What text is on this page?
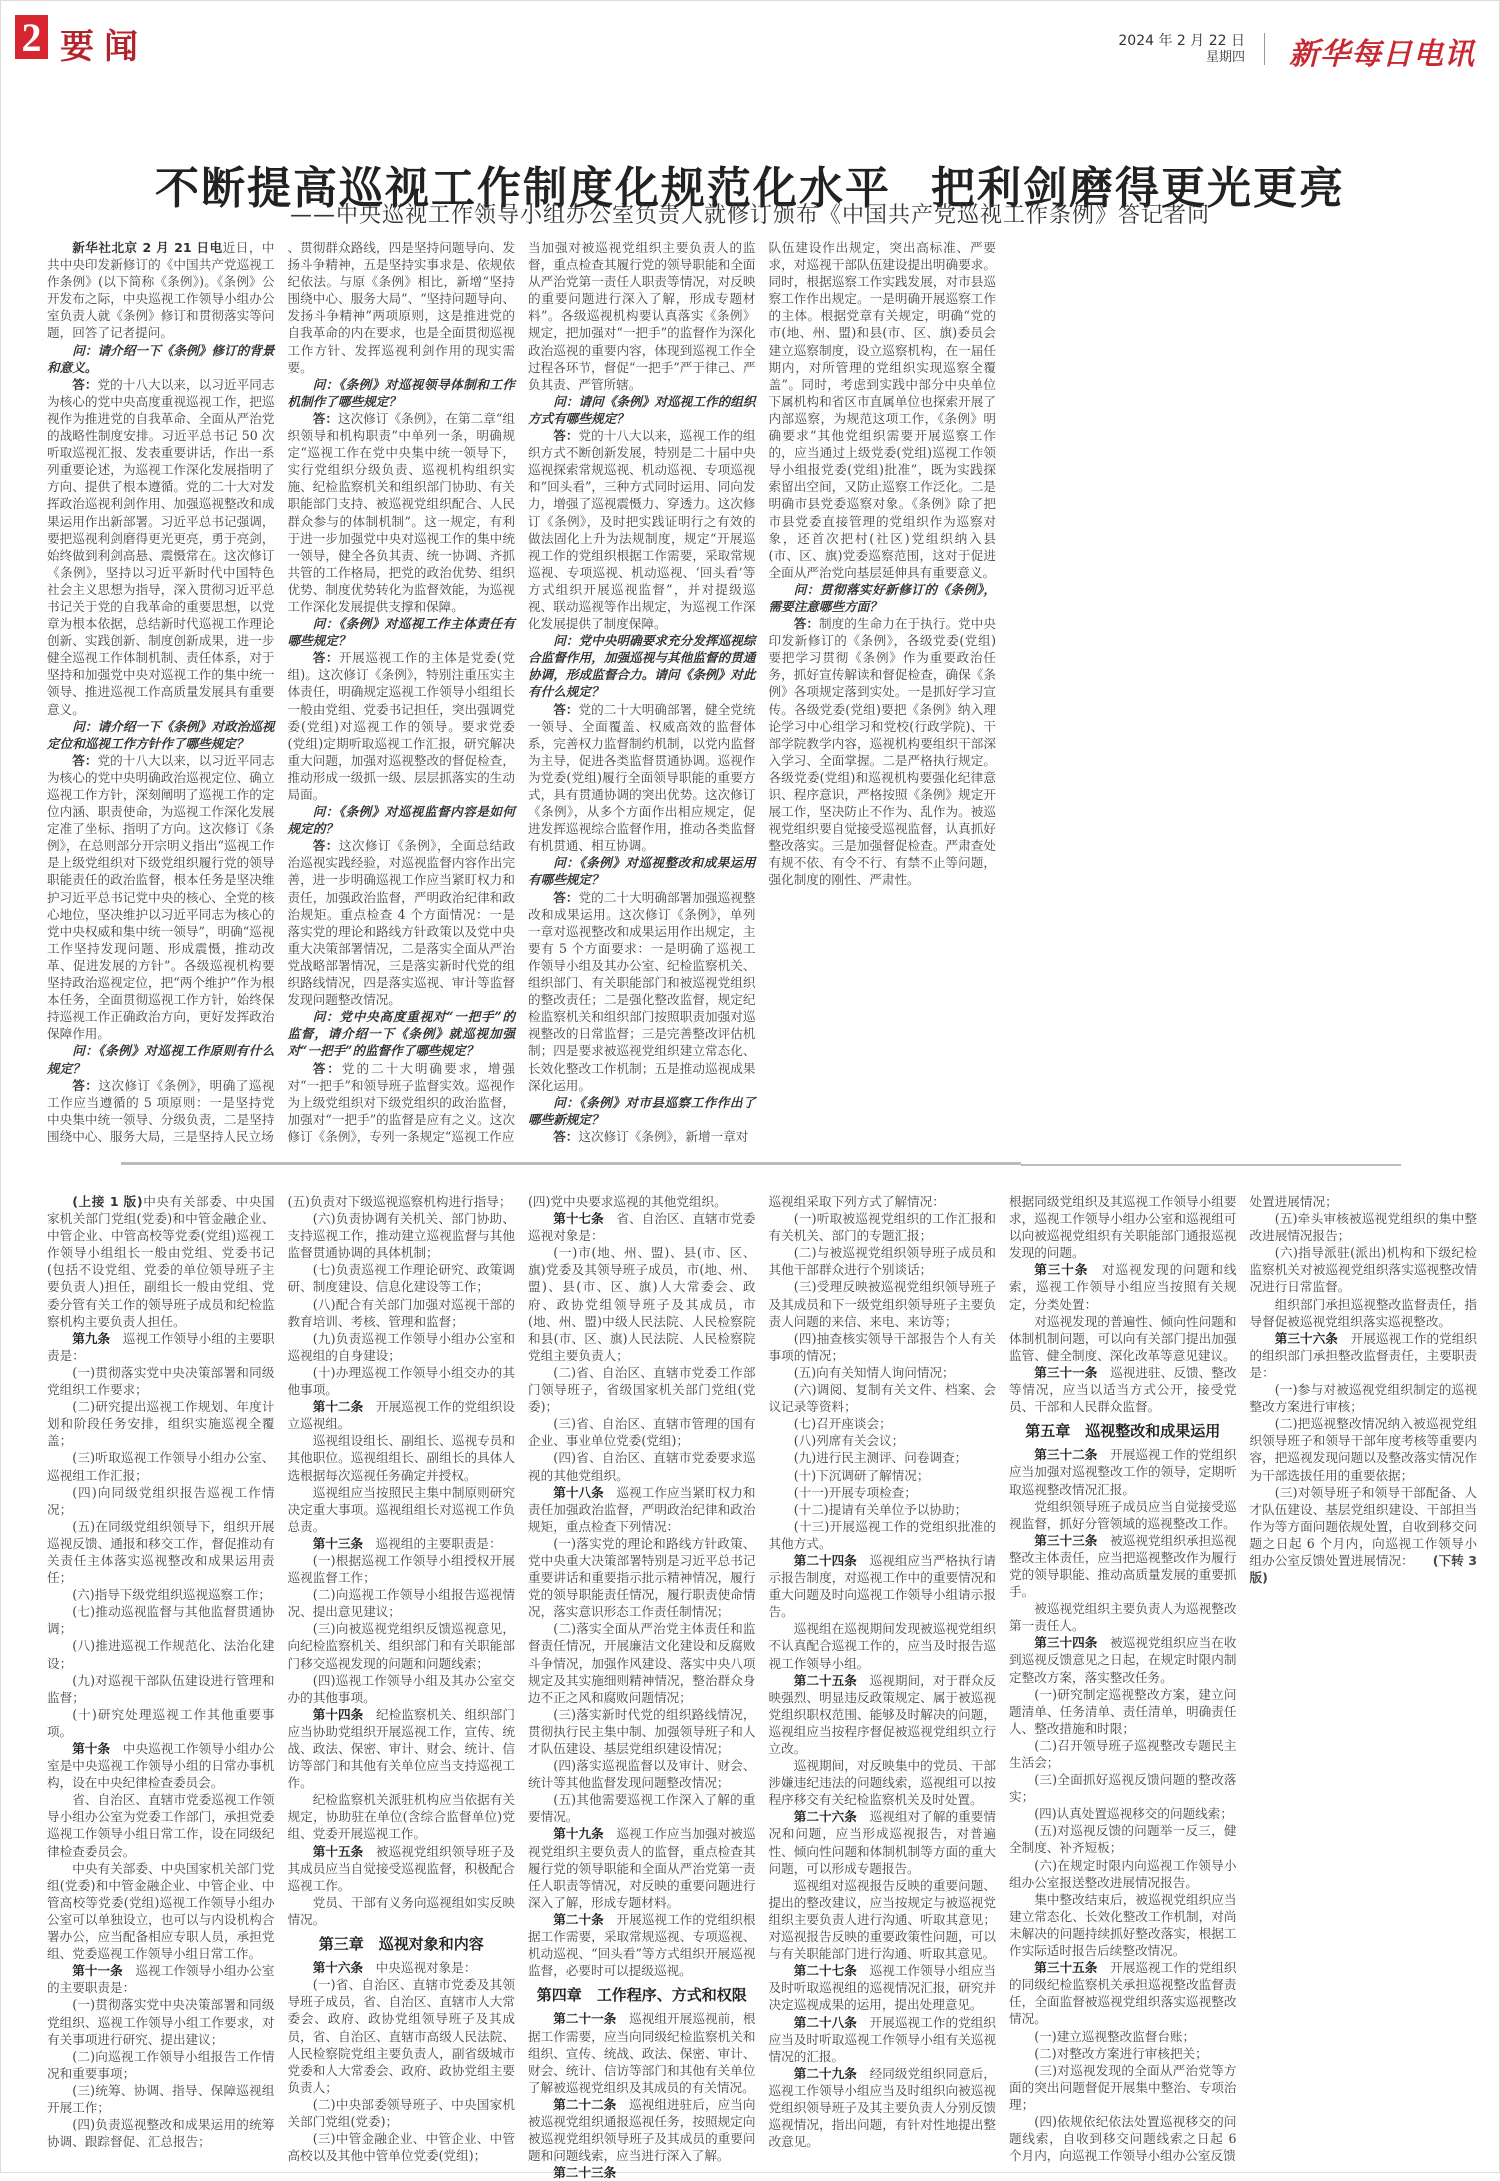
2 要闻	2024 年 2 月 22 日
星期四 新华每日电讯
不断提高巡视工作制度化规范化水平 把利剑磨得更光更亮
——中央巡视工作领导小组办公室负责人就修订颁布《中国共产党巡视工作条例》答记者问

新华社北京 2 月 21 日电近日，中共中央印发新修订的《中国共产党巡视工作条例》(以下简称《条例》)。《条例》公开发布之际，中央巡视工作领导小组办公室负责人就《条例》修订和贯彻落实等问题，回答了记者提问。

问：请介绍一下《条例》修订的背景和意义。

答：党的十八大以来，以习近平同志为核心的党中央高度重视巡视工作，把巡视作为推进党的自我革命、全面从严治党的战略性制度安排。习近平总书记 50 次听取巡视汇报、发表重要讲话，作出一系列重要论述，为巡视工作深化发展指明了方向、提供了根本遵循。党的二十大对发挥政治巡视利剑作用、加强巡视整改和成果运用作出新部署。习近平总书记强调，要把巡视利剑磨得更光更亮，勇于亮剑，始终做到利剑高悬、震慑常在。这次修订《条例》，坚持以习近平新时代中国特色社会主义思想为指导，深入贯彻习近平总书记关于党的自我革命的重要思想，以党章为根本依据，总结新时代巡视工作理论创新、实践创新、制度创新成果，进一步健全巡视工作体制机制、责任体系，对于坚持和加强党中央对巡视工作的集中统一领导、推进巡视工作高质量发展具有重要意义。

问：请介绍一下《条例》对政治巡视定位和巡视工作方针作了哪些规定？

答：党的十八大以来，以习近平同志为核心的党中央明确政治巡视定位、确立巡视工作方针，深刻阐明了巡视工作的定位内涵、职责使命，为巡视工作深化发展定准了坐标、指明了方向。这次修订《条例》，在总则部分开宗明义指出“巡视工作是上级党组织对下级党组织履行党的领导职能责任的政治监督，根本任务是坚决维护习近平总书记党中央的核心、全党的核心地位，坚决维护以习近平同志为核心的党中央权威和集中统一领导”，明确“巡视工作坚持发现问题、形成震慑，推动改革、促进发展的方针”。各级巡视机构要坚持政治巡视定位，把“两个维护”作为根本任务，全面贯彻巡视工作方针，始终保持巡视工作正确政治方向，更好发挥政治保障作用。

问：《条例》对巡视工作原则有什么规定？

答：这次修订《条例》，明确了巡视工作应当遵循的 5 项原则：一是坚持党中央集中统一领导、分级负责，二是坚持围绕中心、服务大局，三是坚持人民立场

、贯彻群众路线，四是坚持问题导向、发扬斗争精神，五是坚持实事求是、依规依纪依法。与原《条例》相比，新增“坚持围绕中心、服务大局”、“坚持问题导向、发扬斗争精神”两项原则，这是推进党的自我革命的内在要求，也是全面贯彻巡视工作方针、发挥巡视利剑作用的现实需要。

问：《条例》对巡视领导体制和工作机制作了哪些规定？

答：这次修订《条例》，在第二章“组织领导和机构职责”中单列一条，明确规定“巡视工作在党中央集中统一领导下，实行党组织分级负责、巡视机构组织实施、纪检监察机关和组织部门协助、有关职能部门支持、被巡视党组织配合、人民群众参与的体制机制”。这一规定，有利于进一步加强党中央对巡视工作的集中统一领导，健全各负其责、统一协调、齐抓共管的工作格局，把党的政治优势、组织优势、制度优势转化为监督效能，为巡视工作深化发展提供支撑和保障。

问：《条例》对巡视工作主体责任有哪些规定？

答：开展巡视工作的主体是党委(党组)。这次修订《条例》，特别注重压实主体责任，明确规定巡视工作领导小组组长一般由党组、党委书记担任，突出强调党委(党组)对巡视工作的领导。要求党委(党组)定期听取巡视工作汇报，研究解决重大问题，加强对巡视整改的督促检查，推动形成一级抓一级、层层抓落实的生动局面。

问：《条例》对巡视监督内容是如何规定的？

答：这次修订《条例》，全面总结政治巡视实践经验，对巡视监督内容作出完善，进一步明确巡视工作应当紧盯权力和责任，加强政治监督，严明政治纪律和政治规矩。重点检查 4 个方面情况：一是落实党的理论和路线方针政策以及党中央重大决策部署情况，二是落实全面从严治党战略部署情况，三是落实新时代党的组织路线情况，四是落实巡视、审计等监督发现问题整改情况。

问：党中央高度重视对“一把手”的监督，请介绍一下《条例》就巡视加强对“一把手”的监督作了哪些规定？

答：党的二十大明确要求，增强对“一把手”和领导班子监督实效。巡视作为上级党组织对下级党组织的政治监督，加强对“一把手”的监督是应有之义。这次修订《条例》，专列一条规定“巡视工作应

当加强对被巡视党组织主要负责人的监督，重点检查其履行党的领导职能和全面从严治党第一责任人职责等情况，对反映的重要问题进行深入了解，形成专题材料”。各级巡视机构要认真落实《条例》规定，把加强对“一把手”的监督作为深化政治巡视的重要内容，体现到巡视工作全过程各环节，督促“一把手”严于律己、严负其责、严管所辖。

问：请问《条例》对巡视工作的组织方式有哪些规定？

答：党的十八大以来，巡视工作的组织方式不断创新发展，特别是二十届中央巡视探索常规巡视、机动巡视、专项巡视和“回头看”，三种方式同时运用、同向发力，增强了巡视震慑力、穿透力。这次修订《条例》，及时把实践证明行之有效的做法固化上升为法规制度，规定“开展巡视工作的党组织根据工作需要，采取常规巡视、专项巡视、机动巡视、‘回头看’等方式组织开展巡视监督”，并对提级巡视、联动巡视等作出规定，为巡视工作深化发展提供了制度保障。

问：党中央明确要求充分发挥巡视综合监督作用，加强巡视与其他监督的贯通协调，形成监督合力。请问《条例》对此有什么规定？

答：党的二十大明确部署，健全党统一领导、全面覆盖、权威高效的监督体系，完善权力监督制约机制，以党内监督为主导，促进各类监督贯通协调。巡视作为党委(党组)履行全面领导职能的重要方式，具有贯通协调的突出优势。这次修订《条例》，从多个方面作出相应规定，促进发挥巡视综合监督作用，推动各类监督有机贯通、相互协调。

问：《条例》对巡视整改和成果运用有哪些规定？

答：党的二十大明确部署加强巡视整改和成果运用。这次修订《条例》，单列一章对巡视整改和成果运用作出规定，主要有 5 个方面要求：一是明确了巡视工作领导小组及其办公室、纪检监察机关、组织部门、有关职能部门和被巡视党组织的整改责任；二是强化整改监督，规定纪检监察机关和组织部门按照职责加强对巡视整改的日常监督；三是完善整改评估机制；四是要求被巡视党组织建立常态化、长效化整改工作机制；五是推动巡视成果深化运用。

问：《条例》对市县巡察工作作出了哪些新规定？

答：这次修订《条例》，新增一章对

队伍建设作出规定，突出高标准、严要求，对巡视干部队伍建设提出明确要求。同时，根据巡察工作实践发展，对市县巡察工作作出规定。一是明确开展巡察工作的主体。根据党章有关规定，明确“党的市(地、州、盟)和县(市、区、旗)委员会建立巡察制度，设立巡察机构，在一届任期内，对所管理的党组织实现巡察全覆盖”。同时，考虑到实践中部分中央单位下属机构和省区市直属单位也探索开展了内部巡察，为规范这项工作，《条例》明确要求“其他党组织需要开展巡察工作的，应当通过上级党委(党组)巡视工作领导小组报党委(党组)批准”，既为实践探索留出空间，又防止巡察工作泛化。二是明确市县党委巡察对象。《条例》除了把市县党委直接管理的党组织作为巡察对象，还首次把村(社区)党组织纳入县(市、区、旗)党委巡察范围，这对于促进全面从严治党向基层延伸具有重要意义。

问：贯彻落实好新修订的《条例》，需要注意哪些方面？

答：制度的生命力在于执行。党中央印发新修订的《条例》，各级党委(党组)要把学习贯彻《条例》作为重要政治任务，抓好宣传解读和督促检查，确保《条例》各项规定落到实处。一是抓好学习宣传。各级党委(党组)要把《条例》纳入理论学习中心组学习和党校(行政学院)、干部学院教学内容，巡视机构要组织干部深入学习、全面掌握。二是严格执行规定。各级党委(党组)和巡视机构要强化纪律意识、程序意识，严格按照《条例》规定开展工作，坚决防止不作为、乱作为。被巡视党组织要自觉接受巡视监督，认真抓好整改落实。三是加强督促检查。严肃查处有规不依、有令不行、有禁不止等问题，强化制度的刚性、严肃性。

(上接 1 版)中央有关部委、中央国家机关部门党组(党委)和中管金融企业、中管企业、中管高校等党委(党组)巡视工作领导小组组长一般由党组、党委书记(包括不设党组、党委的单位领导班子主要负责人)担任，副组长一般由党组、党委分管有关工作的领导班子成员和纪检监察机构主要负责人担任。

第九条　 巡视工作领导小组的主要职责是：

(一)贯彻落实党中央决策部署和同级党组织工作要求；

(二)研究提出巡视工作规划、年度计划和阶段任务安排，组织实施巡视全覆盖；

(三)听取巡视工作领导小组办公室、巡视组工作汇报；

(四)向同级党组织报告巡视工作情况；

(五)在同级党组织领导下，组织开展巡视反馈、通报和移交工作，督促推动有关责任主体落实巡视整改和成果运用责任；

(六)指导下级党组织巡视巡察工作；

(七)推动巡视监督与其他监督贯通协调；

(八)推进巡视工作规范化、法治化建设；

(九)对巡视干部队伍建设进行管理和监督；

(十)研究处理巡视工作其他重要事项。

第十条　 中央巡视工作领导小组办公室是中央巡视工作领导小组的日常办事机构，设在中央纪律检查委员会。

省、自治区、直辖市党委巡视工作领导小组办公室为党委工作部门，承担党委巡视工作领导小组日常工作，设在同级纪律检查委员会。

中央有关部委、中央国家机关部门党组(党委)和中管金融企业、中管企业、中管高校等党委(党组)巡视工作领导小组办公室可以单独设立，也可以与内设机构合署办公，应当配备相应专职人员，承担党组、党委巡视工作领导小组日常工作。

第十一条　 巡视工作领导小组办公室的主要职责是：

(一)贯彻落实党中央决策部署和同级党组织、巡视工作领导小组工作要求，对有关事项进行研究、提出建议；

(二)向巡视工作领导小组报告工作情况和重要事项；

(三)统筹、协调、指导、保障巡视组开展工作；

(四)负责巡视整改和成果运用的统筹协调、跟踪督促、汇总报告；

(五)负责对下级巡视巡察机构进行指导；

(六)负责协调有关机关、部门协助、支持巡视工作，推动建立巡视监督与其他监督贯通协调的具体机制；

(七)负责巡视工作理论研究、政策调研、制度建设、信息化建设等工作；

(八)配合有关部门加强对巡视干部的教育培训、考核、管理和监督；

(九)负责巡视工作领导小组办公室和巡视组的自身建设；

(十)办理巡视工作领导小组交办的其他事项。

第十二条　 开展巡视工作的党组织设立巡视组。

巡视组设组长、副组长、巡视专员和其他职位。巡视组组长、副组长的具体人选根据每次巡视任务确定并授权。

巡视组应当按照民主集中制原则研究决定重大事项。巡视组组长对巡视工作负总责。

第十三条　 巡视组的主要职责是：

(一)根据巡视工作领导小组授权开展巡视监督工作；

(二)向巡视工作领导小组报告巡视情况、提出意见建议；

(三)向被巡视党组织反馈巡视意见，向纪检监察机关、组织部门和有关职能部门移交巡视发现的问题和问题线索；

(四)巡视工作领导小组及其办公室交办的其他事项。

第十四条　 纪检监察机关、组织部门应当协助党组织开展巡视工作，宣传、统战、政法、保密、审计、财会、统计、信访等部门和其他有关单位应当支持巡视工作。

纪检监察机关派驻机构应当依据有关规定，协助驻在单位(含综合监督单位)党组、党委开展巡视工作。

第十五条　 被巡视党组织领导班子及其成员应当自觉接受巡视监督，积极配合巡视工作。

党员、干部有义务向巡视组如实反映情况。

第三章　巡视对象和内容

第十六条　 中央巡视对象是：

(一)省、自治区、直辖市党委及其领导班子成员，省、自治区、直辖市人大常委会、政府、政协党组领导班子及其成员，省、自治区、直辖市高级人民法院、人民检察院党组主要负责人，副省级城市党委和人大常委会、政府、政协党组主要负责人；

(二)中央部委领导班子、中央国家机关部门党组(党委)；

(三)中管金融企业、中管企业、中管高校以及其他中管单位党委(党组)；

(四)党中央要求巡视的其他党组织。

第十七条　 省、自治区、直辖市党委巡视对象是：

(一)市(地、州、盟)、县(市、区、旗)党委及其领导班子成员，市(地、州、盟)、县(市、区、旗)人大常委会、政府、政协党组领导班子及其成员，市(地、州、盟)中级人民法院、人民检察院和县(市、区、旗)人民法院、人民检察院党组主要负责人；

(二)省、自治区、直辖市党委工作部门领导班子，省级国家机关部门党组(党委)；

(三)省、自治区、直辖市管理的国有企业、事业单位党委(党组)；

(四)省、自治区、直辖市党委要求巡视的其他党组织。

第十八条　 巡视工作应当紧盯权力和责任加强政治监督，严明政治纪律和政治规矩，重点检查下列情况：

(一)落实党的理论和路线方针政策、党中央重大决策部署特别是习近平总书记重要讲话和重要指示批示精神情况，履行党的领导职能责任情况，履行职责使命情况，落实意识形态工作责任制情况；

(二)落实全面从严治党主体责任和监督责任情况，开展廉洁文化建设和反腐败斗争情况，加强作风建设、落实中央八项规定及其实施细则精神情况，整治群众身边不正之风和腐败问题情况；

(三)落实新时代党的组织路线情况，贯彻执行民主集中制、加强领导班子和人才队伍建设、基层党组织建设情况；

(四)落实巡视监督以及审计、财会、统计等其他监督发现问题整改情况；

(五)其他需要巡视工作深入了解的重要情况。

第十九条　 巡视工作应当加强对被巡视党组织主要负责人的监督，重点检查其履行党的领导职能和全面从严治党第一责任人职责等情况，对反映的重要问题进行深入了解，形成专题材料。

第二十条　 开展巡视工作的党组织根据工作需要，采取常规巡视、专项巡视、机动巡视、“回头看”等方式组织开展巡视监督，必要时可以提级巡视。

第四章　工作程序、方式和权限

第二十一条　 巡视组开展巡视前，根据工作需要，应当向同级纪检监察机关和组织、宣传、统战、政法、保密、审计、财会、统计、信访等部门和其他有关单位了解被巡视党组织及其成员的有关情况。

第二十二条　 巡视组进驻后，应当向被巡视党组织通报巡视任务，按照规定向被巡视党组织领导班子及其成员的重要问题和问题线索，应当进行深入了解。

第二十三条　

巡视组采取下列方式了解情况：

(一)听取被巡视党组织的工作汇报和有关机关、部门的专题汇报；

(二)与被巡视党组织领导班子成员和其他干部群众进行个别谈话；

(三)受理反映被巡视党组织领导班子及其成员和下一级党组织领导班子主要负责人问题的来信、来电、来访等；

(四)抽查核实领导干部报告个人有关事项的情况；

(五)向有关知情人询问情况；

(六)调阅、复制有关文件、档案、会议记录等资料；

(七)召开座谈会；

(八)列席有关会议；

(九)进行民主测评、问卷调查；

(十)下沉调研了解情况；

(十一)开展专项检查；

(十二)提请有关单位予以协助；

(十三)开展巡视工作的党组织批准的其他方式。

第二十四条　 巡视组应当严格执行请示报告制度，对巡视工作中的重要情况和重大问题及时向巡视工作领导小组请示报告。

巡视组在巡视期间发现被巡视党组织不认真配合巡视工作的，应当及时报告巡视工作领导小组。

第二十五条　 巡视期间，对于群众反映强烈、明显违反政策规定、属于被巡视党组织职权范围、能够及时解决的问题，巡视组应当按程序督促被巡视党组织立行立改。

巡视期间，对反映集中的党员、干部涉嫌违纪违法的问题线索，巡视组可以按程序移交有关纪检监察机关及时处置。

第二十六条　 巡视组对了解的重要情况和问题，应当形成巡视报告，对普遍性、倾向性问题和体制机制等方面的重大问题，可以形成专题报告。

巡视组对巡视报告反映的重要问题、提出的整改建议，应当按规定与被巡视党组织主要负责人进行沟通、听取其意见；对巡视报告反映的重要政策性问题，可以与有关职能部门进行沟通、听取其意见。

第二十七条　 巡视工作领导小组应当及时听取巡视组的巡视情况汇报，研究并决定巡视成果的运用，提出处理意见。

第二十八条　 开展巡视工作的党组织应当及时听取巡视工作领导小组有关巡视情况的汇报。

第二十九条　 经同级党组织同意后，巡视工作领导小组应当及时组织向被巡视党组织领导班子及其主要负责人分别反馈巡视情况，指出问题，有针对性地提出整改意见。

根据同级党组织及其巡视工作领导小组要求，巡视工作领导小组办公室和巡视组可以向被巡视党组织有关职能部门通报巡视发现的问题。

第三十条　 对巡视发现的问题和线索，巡视工作领导小组应当按照有关规定，分类处置：

对巡视发现的普遍性、倾向性问题和体制机制问题，可以向有关部门提出加强监管、健全制度、深化改革等意见建议。

第三十一条　 巡视进驻、反馈、整改等情况，应当以适当方式公开，接受党员、干部和人民群众监督。

第五章　巡视整改和成果运用

第三十二条　 开展巡视工作的党组织应当加强对巡视整改工作的领导，定期听取巡视整改情况汇报。

党组织领导班子成员应当自觉接受巡视监督，抓好分管领域的巡视整改工作。

第三十三条　 被巡视党组织承担巡视整改主体责任，应当把巡视整改作为履行党的领导职能、推动高质量发展的重要抓手。

被巡视党组织主要负责人为巡视整改第一责任人。

第三十四条　 被巡视党组织应当在收到巡视反馈意见之日起，在规定时限内制定整改方案，落实整改任务。

(一)研究制定巡视整改方案，建立问题清单、任务清单、责任清单，明确责任人、整改措施和时限；

(二)召开领导班子巡视整改专题民主生活会；

(三)全面抓好巡视反馈问题的整改落实；

(四)认真处置巡视移交的问题线索；

(五)对巡视反馈的问题举一反三，健全制度、补齐短板；

(六)在规定时限内向巡视工作领导小组办公室报送整改进展情况报告。

集中整改结束后，被巡视党组织应当建立常态化、长效化整改工作机制，对尚未解决的问题持续抓好整改落实，根据工作实际适时报告后续整改情况。

第三十五条　 开展巡视工作的党组织的同级纪检监察机关承担巡视整改监督责任，全面监督被巡视党组织落实巡视整改情况。

(一)建立巡视整改监督台账；

(二)对整改方案进行审核把关；

(三)对巡视发现的全面从严治党等方面的突出问题督促开展集中整治、专项治理；

(四)依规依纪依法处置巡视移交的问题线索，自收到移交问题线索之日起 6 个月内，向巡视工作领导小组办公室反馈

处置进展情况；

(五)牵头审核被巡视党组织的集中整改进展情况报告；

(六)指导派驻(派出)机构和下级纪检监察机关对被巡视党组织落实巡视整改情况进行日常监督。

组织部门承担巡视整改监督责任，指导督促被巡视党组织落实巡视整改。

第三十六条　 开展巡视工作的党组织的组织部门承担整改监督责任，主要职责是：

(一)参与对被巡视党组织制定的巡视整改方案进行审核；

(二)把巡视整改情况纳入被巡视党组织领导班子和领导干部年度考核等重要内容，把巡视发现问题以及整改落实情况作为干部选拔任用的重要依据；

(三)对领导班子和领导干部配备、人才队伍建设、基层党组织建设、干部担当作为等方面问题依规处置，自收到移交问题之日起 6 个月内，向巡视工作领导小组办公室反馈处置进展情况：　　 (下转 3 版)
